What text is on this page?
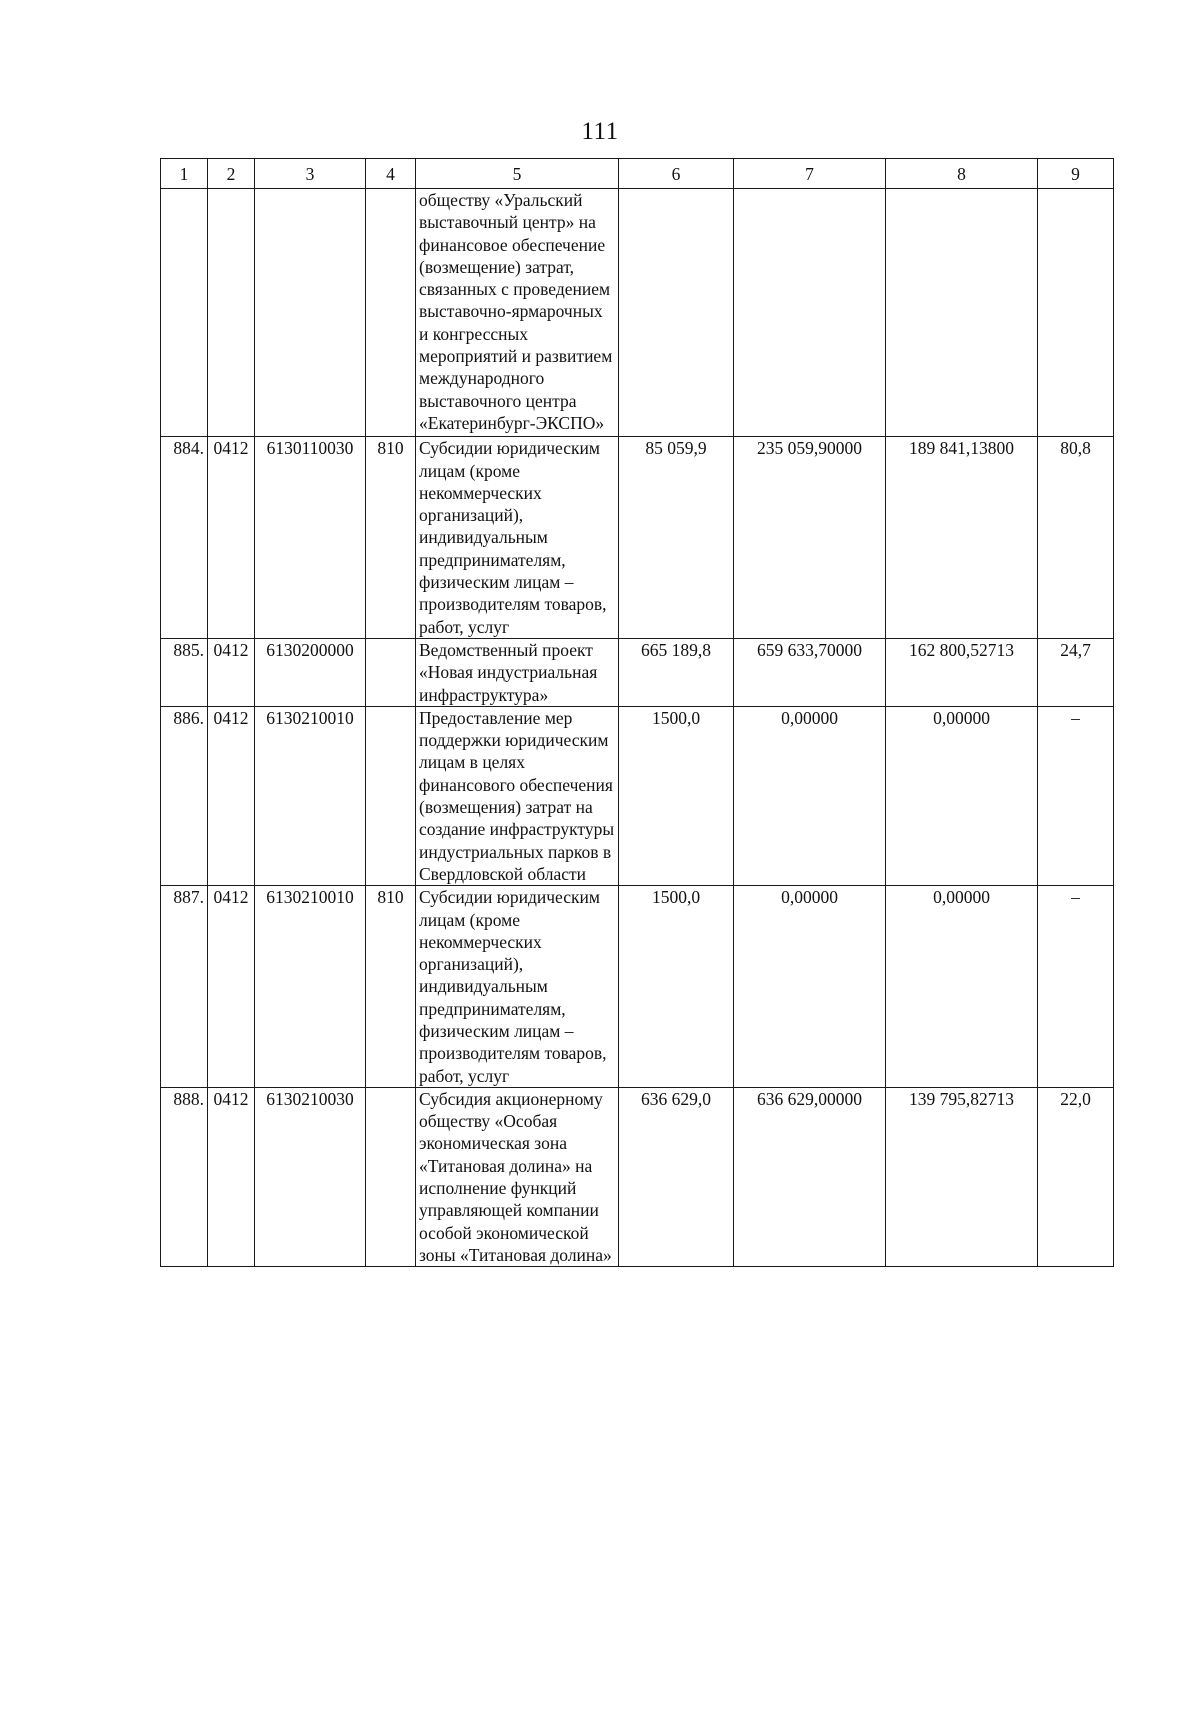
111
1	2	3	4	5	6	7	8	9
				обществу «Уральский выставочный центр» на финансовое обеспечение (возмещение) затрат, связанных с проведением выставочно-ярмарочных и конгрессных мероприятий и развитием международного выставочного центра «Екатеринбург-ЭКСПО»				
884.	0412	6130110030	810	Субсидии юридическим лицам (кроме некоммерческих организаций), индивидуальным предпринимателям, физическим лицам – производителям товаров, работ, услуг	85 059,9	235 059,90000	189 841,13800	80,8
885.	0412	6130200000		Ведомственный проект «Новая индустриальная инфраструктура»	665 189,8	659 633,70000	162 800,52713	24,7
886.	0412	6130210010		Предоставление мер поддержки юридическим лицам в целях финансового обеспечения (возмещения) затрат на создание инфраструктуры индустриальных парков в Свердловской области	1500,0	0,00000	0,00000	–
887.	0412	6130210010	810	Субсидии юридическим лицам (кроме некоммерческих организаций), индивидуальным предпринимателям, физическим лицам – производителям товаров, работ, услуг	1500,0	0,00000	0,00000	–
888.	0412	6130210030		Субсидия акционерному обществу «Особая экономическая зона «Титановая долина» на исполнение функций управляющей компании особой экономической зоны «Титановая долина»	636 629,0	636 629,00000	139 795,82713	22,0
